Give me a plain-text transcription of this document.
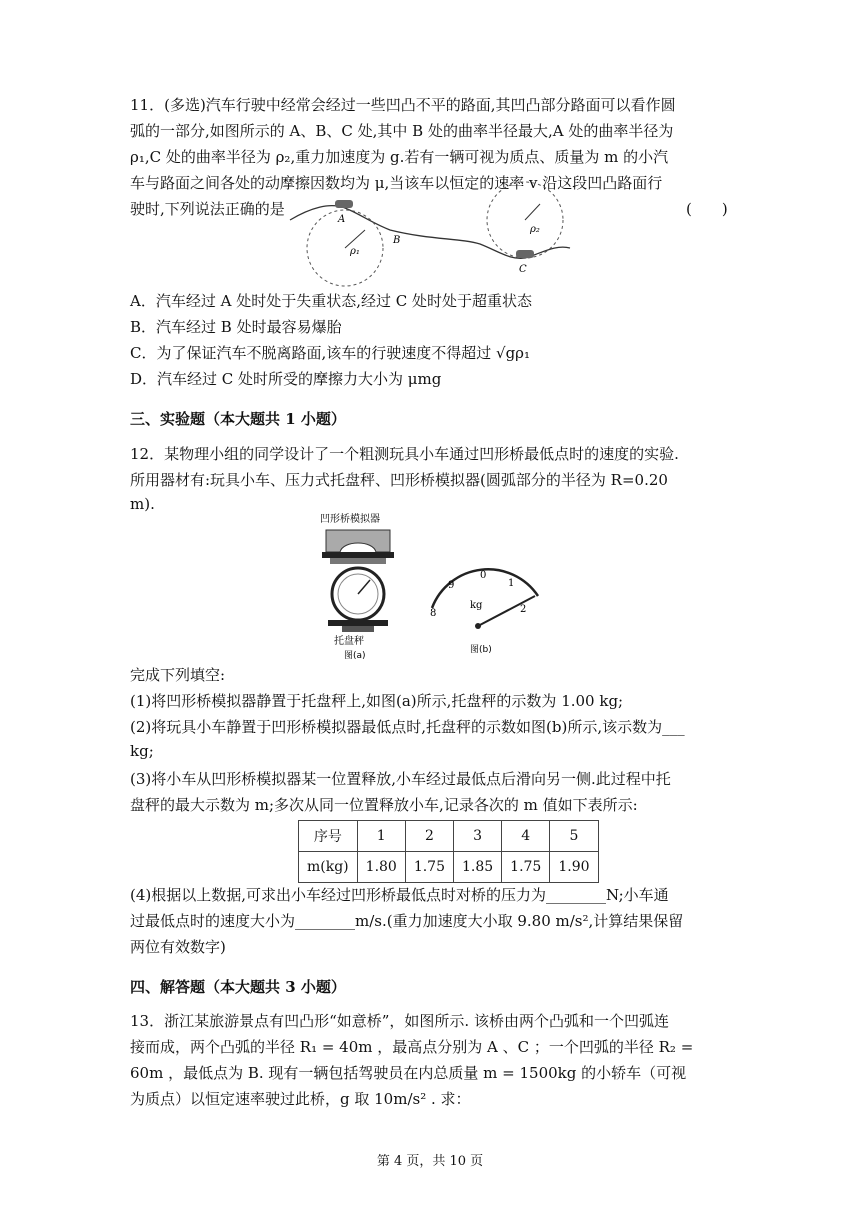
11．(多选)汽车行驶中经常会经过一些凹凸不平的路面,其凹凸部分路面可以看作圆
弧的一部分,如图所示的 A、B、C 处,其中 B 处的曲率半径最大,A 处的曲率半径为
ρ₁,C 处的曲率半径为 ρ₂,重力加速度为 g.若有一辆可视为质点、质量为 m 的小汽
车与路面之间各处的动摩擦因数均为 μ,当该车以恒定的速率 v 沿这段凹凸路面行
驶时,下列说法正确的是	(　　)
A
B
C
ρ₁
ρ₂
A．汽车经过 A 处时处于失重状态,经过 C 处时处于超重状态
B．汽车经过 B 处时最容易爆胎
C．为了保证汽车不脱离路面,该车的行驶速度不得超过 √gρ₁
D．汽车经过 C 处时所受的摩擦力大小为 μmg
三、实验题（本大题共 1 小题）
12．某物理小组的同学设计了一个粗测玩具小车通过凹形桥最低点时的速度的实验.
所用器材有:玩具小车、压力式托盘秤、凹形桥模拟器(圆弧部分的半径为 R=0.20
m).
凹形桥模拟器
托盘秤
图(a)
8
9
0
1
2
kg
图(b)
完成下列填空:
(1)将凹形桥模拟器静置于托盘秤上,如图(a)所示,托盘秤的示数为 1.00 kg;
(2)将玩具小车静置于凹形桥模拟器最低点时,托盘秤的示数如图(b)所示,该示数为___
kg;
(3)将小车从凹形桥模拟器某一位置释放,小车经过最低点后滑向另一侧.此过程中托
盘秤的最大示数为 m;多次从同一位置释放小车,记录各次的 m 值如下表所示:
序号	1	2	3	4	5
m(kg)	1.80	1.75	1.85	1.75	1.90
(4)根据以上数据,可求出小车经过凹形桥最低点时对桥的压力为________N;小车通
过最低点时的速度大小为________m/s.(重力加速度大小取 9.80 m/s²,计算结果保留
两位有效数字)
四、解答题（本大题共 3 小题）
13．浙江某旅游景点有凹凸形“如意桥”，如图所示. 该桥由两个凸弧和一个凹弧连
接而成，两个凸弧的半径 R₁ = 40m ，最高点分别为 A 、C ；一个凹弧的半径 R₂ =
60m ，最低点为 B. 现有一辆包括驾驶员在内总质量 m = 1500kg 的小轿车（可视
为质点）以恒定速率驶过此桥，g 取 10m/s² . 求：
第 4 页，共 10 页
